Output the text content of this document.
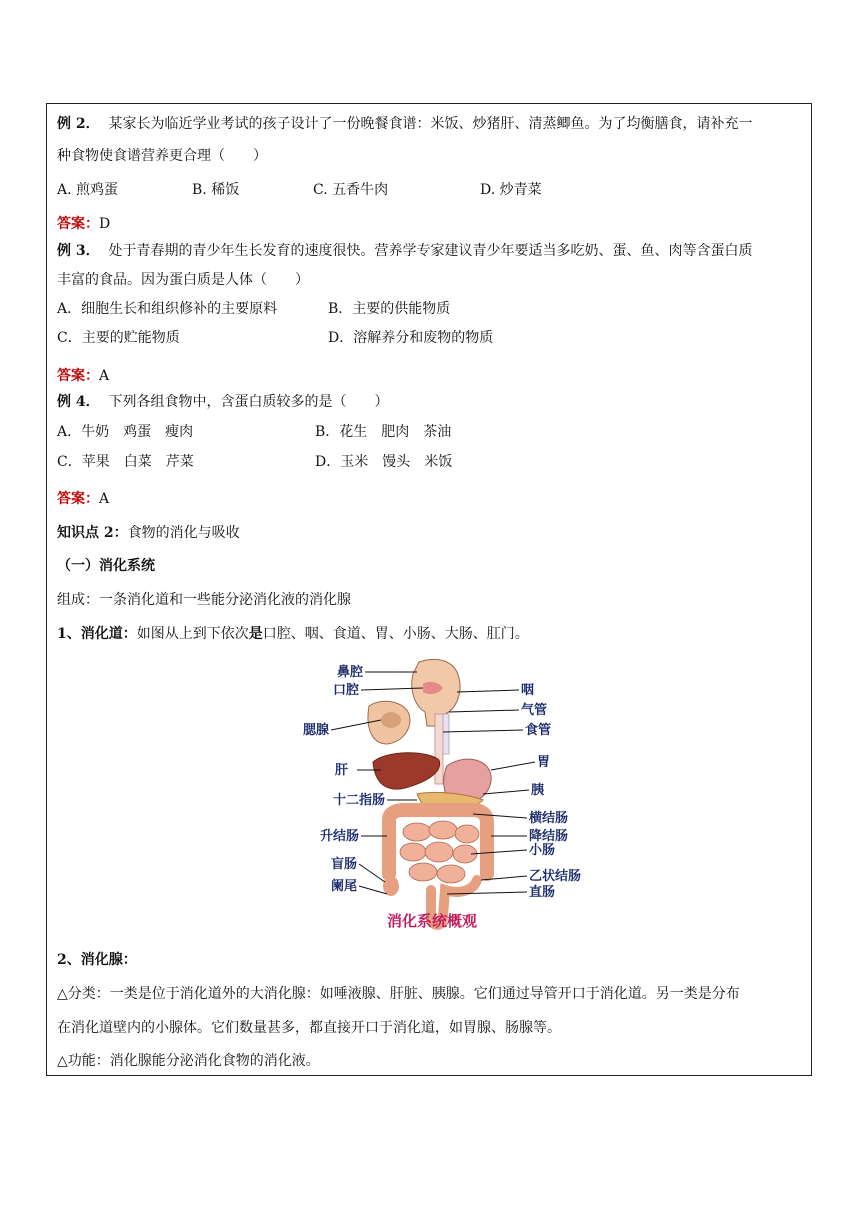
例 2． 某家长为临近学业考试的孩子设计了一份晚餐食谱：米饭、炒猪肝、清蒸鲫鱼。为了均衡膳食，请补充一
种食物使食谱营养更合理（　　）
A. 煎鸡蛋	B. 稀饭	C. 五香牛肉	D. 炒青菜
答案：D
例 3． 处于青春期的青少年生长发育的速度很快。营养学专家建议青少年要适当多吃奶、蛋、鱼、肉等含蛋白质
丰富的食品。因为蛋白质是人体（　　）
A．细胞生长和组织修补的主要原料	B．主要的供能物质
C．主要的贮能物质	D．溶解养分和废物的物质
答案：A
例 4． 下列各组食物中，含蛋白质较多的是（　　）
A．牛奶　鸡蛋　瘦肉	B．花生　肥肉　茶油
C．苹果　白菜　芹菜	D．玉米　馒头　米饭
答案：A
知识点 2：食物的消化与吸收
（一）消化系统
组成：一条消化道和一些能分泌消化液的消化腺
1、消化道：如图从上到下依次是口腔、咽、食道、胃、小肠、大肠、肛门。
鼻腔
口腔
腮腺
肝
十二指肠
升结肠
盲肠
阑尾
咽
气管
食管
胃
胰
横结肠
降结肠
小肠
乙状结肠
直肠
消化系统概观
2、消化腺：
△分类：一类是位于消化道外的大消化腺：如唾液腺、肝脏、胰腺。它们通过导管开口于消化道。另一类是分布
在消化道壁内的小腺体。它们数量甚多，都直接开口于消化道，如胃腺、肠腺等。
△功能：消化腺能分泌消化食物的消化液。
